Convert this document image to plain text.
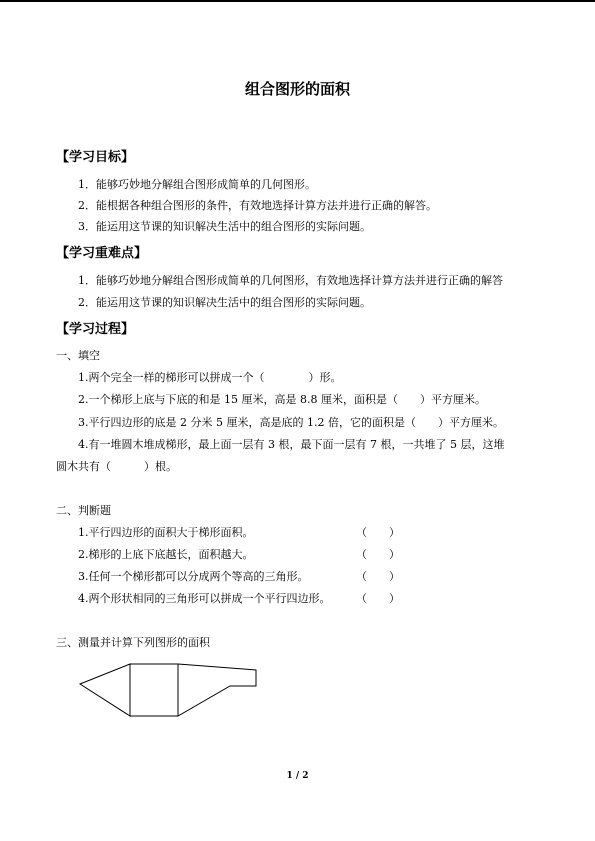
组合图形的面积
【学习目标】
1．能够巧妙地分解组合图形成简单的几何图形。
2．能根据各种组合图形的条件，有效地选择计算方法并进行正确的解答。
3．能运用这节课的知识解决生活中的组合图形的实际问题。
【学习重难点】
1．能够巧妙地分解组合图形成简单的几何图形，有效地选择计算方法并进行正确的解答
2．能运用这节课的知识解决生活中的组合图形的实际问题。
【学习过程】
一、填空
1.两个完全一样的梯形可以拼成一个（　　　　）形。
2.一个梯形上底与下底的和是 15 厘米，高是 8.8 厘米，面积是（　　）平方厘米。
3.平行四边形的底是 2 分米 5 厘米，高是底的 1.2 倍，它的面积是（　　）平方厘米。
4.有一堆圆木堆成梯形，最上面一层有 3 根，最下面一层有 7 根，一共堆了 5 层，这堆
圆木共有（　　　）根。
二、判断题
1.平行四边形的面积大于梯形面积。	（　　）
2.梯形的上底下底越长，面积越大。	（　　）
3.任何一个梯形都可以分成两个等高的三角形。	（　　）
4.两个形状相同的三角形可以拼成一个平行四边形。 （　　）
三、测量并计算下列图形的面积
1 / 2
